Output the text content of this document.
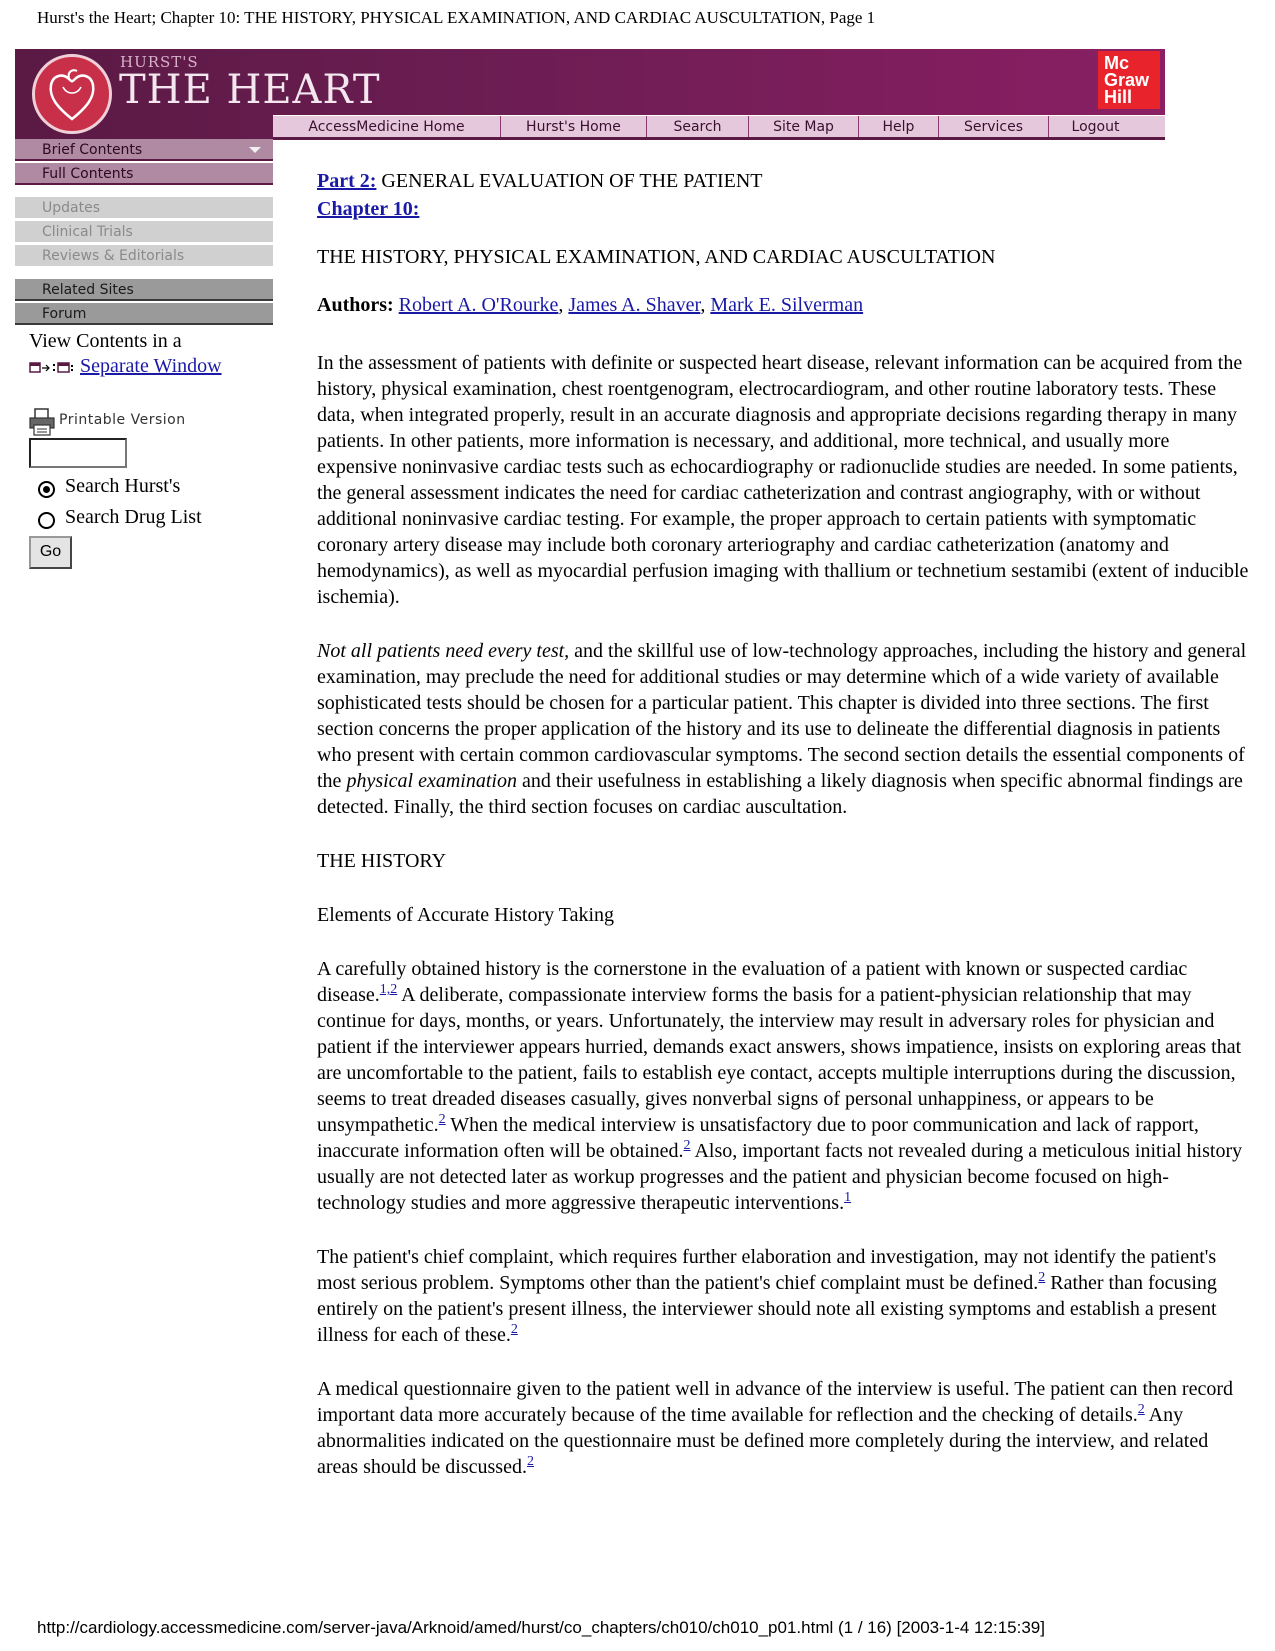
Hurst's the Heart; Chapter 10: THE HISTORY, PHYSICAL EXAMINATION, AND CARDIAC AUSCULTATION, Page 1
HURST'S
THE HEART
Mc
Graw
Hill
AccessMedicine Home	Hurst's Home	Search	Site Map	Help	Services	Logout
Brief Contents
Full Contents
Updates
Clinical Trials
Reviews & Editorials
Related Sites
Forum
View Contents in a
Separate Window
Printable Version
Search Hurst's
Search Drug List
Go
Part 2: GENERAL EVALUATION OF THE PATIENT
Chapter 10:

THE HISTORY, PHYSICAL EXAMINATION, AND CARDIAC AUSCULTATION

Authors: Robert A. O'Rourke, James A. Shaver, Mark E. Silverman

In the assessment of patients with definite or suspected heart disease, relevant information can be acquired from the history, physical examination, chest roentgenogram, electrocardiogram, and other routine laboratory tests. These data, when integrated properly, result in an accurate diagnosis and appropriate decisions regarding therapy in many patients. In other patients, more information is necessary, and additional, more technical, and usually more expensive noninvasive cardiac tests such as echocardiography or radionuclide studies are needed. In some patients, the general assessment indicates the need for cardiac catheterization and contrast angiography, with or without additional noninvasive cardiac testing. For example, the proper approach to certain patients with symptomatic coronary artery disease may include both coronary arteriography and cardiac catheterization (anatomy and hemodynamics), as well as myocardial perfusion imaging with thallium or technetium sestamibi (extent of inducible ischemia).

Not all patients need every test, and the skillful use of low-technology approaches, including the history and general examination, may preclude the need for additional studies or may determine which of a wide variety of available sophisticated tests should be chosen for a particular patient. This chapter is divided into three sections. The first section concerns the proper application of the history and its use to delineate the differential diagnosis in patients who present with certain common cardiovascular symptoms. The second section details the essential components of the physical examination and their usefulness in establishing a likely diagnosis when specific abnormal findings are detected. Finally, the third section focuses on cardiac auscultation.

THE HISTORY

Elements of Accurate History Taking

A carefully obtained history is the cornerstone in the evaluation of a patient with known or suspected cardiac disease.$^{1,2}$ A deliberate, compassionate interview forms the basis for a patient-physician relationship that may continue for days, months, or years. Unfortunately, the interview may result in adversary roles for physician and patient if the interviewer appears hurried, demands exact answers, shows impatience, insists on exploring areas that are uncomfortable to the patient, fails to establish eye contact, accepts multiple interruptions during the discussion, seems to treat dreaded diseases casually, gives nonverbal signs of personal unhappiness, or appears to be unsympathetic.$^2$ When the medical interview is unsatisfactory due to poor communication and lack of rapport, inaccurate information often will be obtained.$^2$ Also, important facts not revealed during a meticulous initial history usually are not detected later as workup progresses and the patient and physician become focused on high-technology studies and more aggressive therapeutic interventions.$^1$

The patient's chief complaint, which requires further elaboration and investigation, may not identify the patient's most serious problem. Symptoms other than the patient's chief complaint must be defined.$^2$ Rather than focusing entirely on the patient's present illness, the interviewer should note all existing symptoms and establish a present illness for each of these.$^2$

A medical questionnaire given to the patient well in advance of the interview is useful. The patient can then record important data more accurately because of the time available for reflection and the checking of details.$^2$ Any abnormalities indicated on the questionnaire must be defined more completely during the interview, and related areas should be discussed.$^2$

http://cardiology.accessmedicine.com/server-java/Arknoid/amed/hurst/co_chapters/ch010/ch010_p01.html (1 / 16) [2003-1-4 12:15:39]
